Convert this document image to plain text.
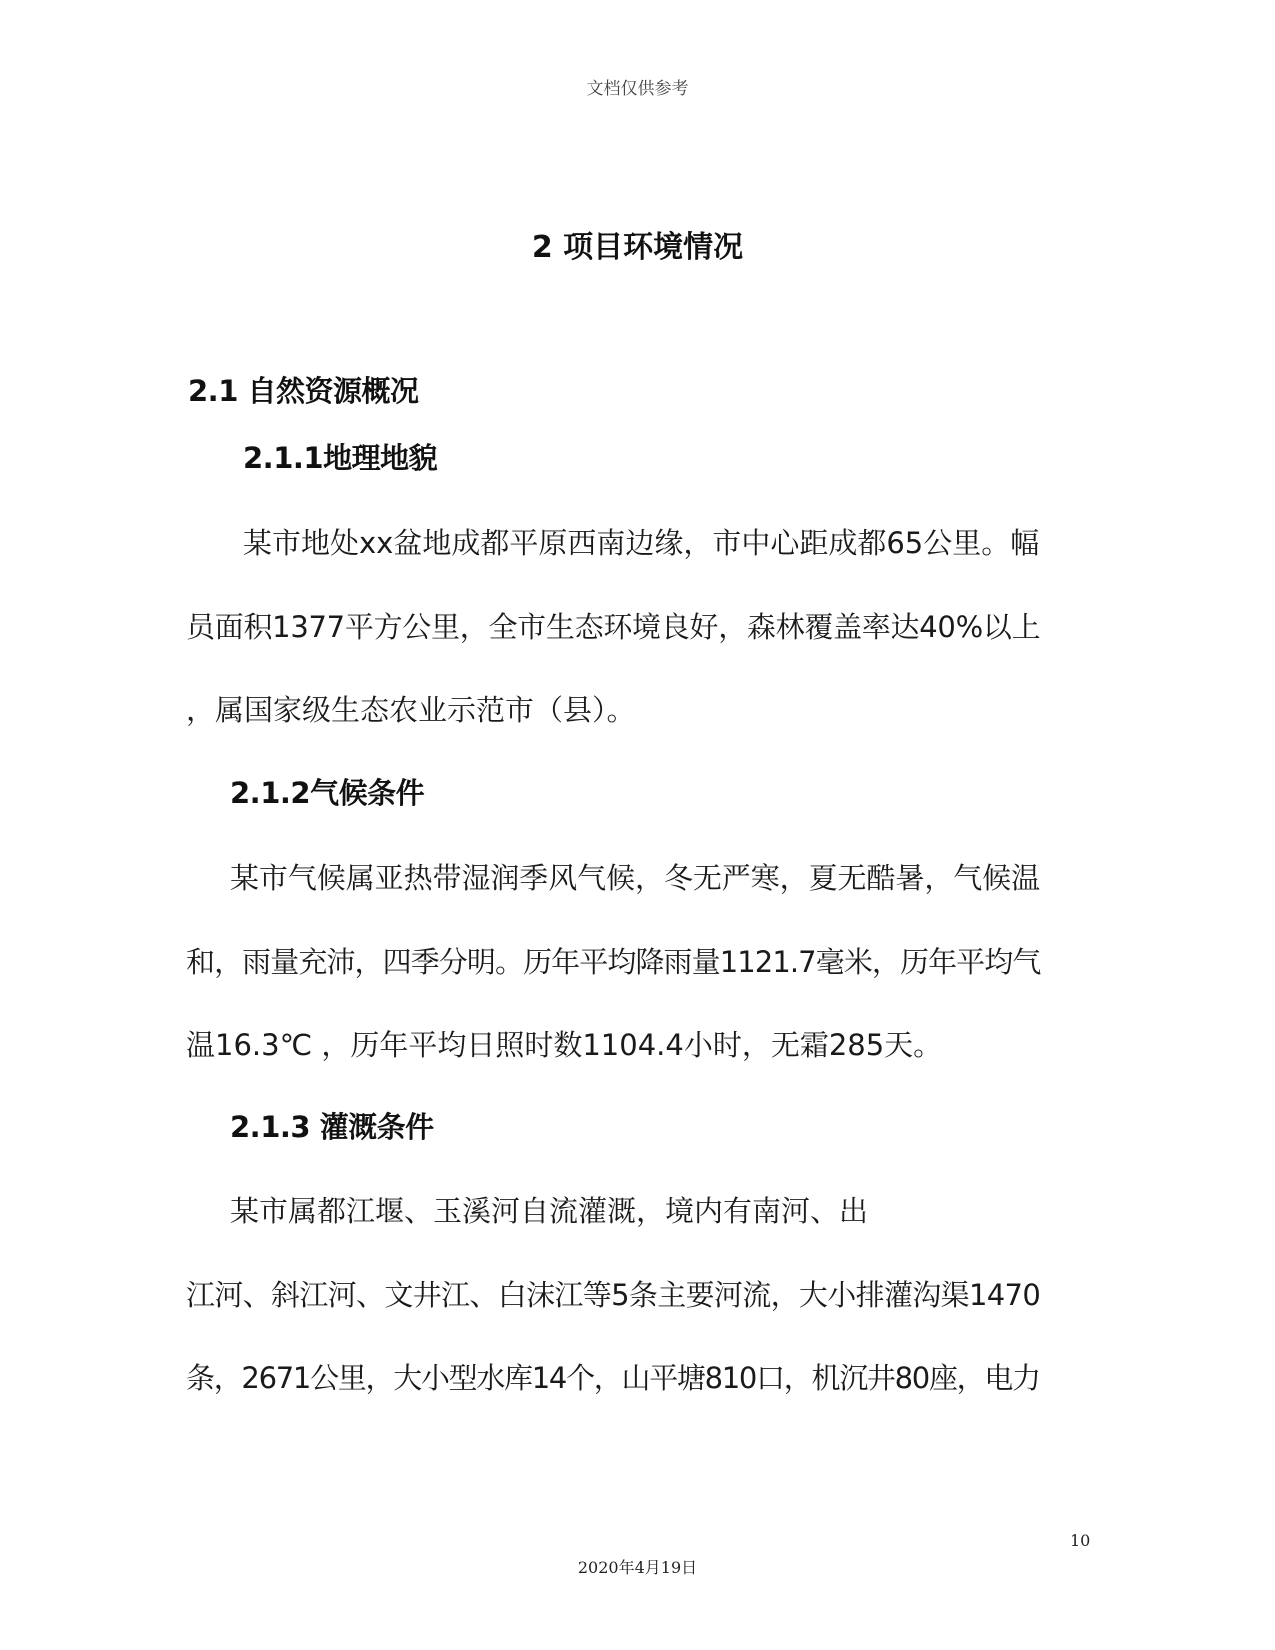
文档仅供参考
2 项目环境情况
2.1 自然资源概况
2.1.1地理地貌
某市地处xx盆地成都平原西南边缘，市中心距成都65公里。幅
员面积1377平方公里，全市生态环境良好，森林覆盖率达40%以上
，属国家级生态农业示范市（县）。
2.1.2气候条件
某市气候属亚热带湿润季风气候，冬无严寒，夏无酷暑，气候温
和，雨量充沛，四季分明。历年平均降雨量1121.7毫米，历年平均气
温16.3℃ ，历年平均日照时数1104.4小时，无霜285天。
2.1.3 灌溉条件
某市属都江堰、玉溪河自流灌溉，境内有南河、出
江河、斜江河、文井江、白沫江等5条主要河流，大小排灌沟渠1470
条，2671公里，大小型水库14个，山平塘810口，机沉井80座，电力
10
2020年4月19日
